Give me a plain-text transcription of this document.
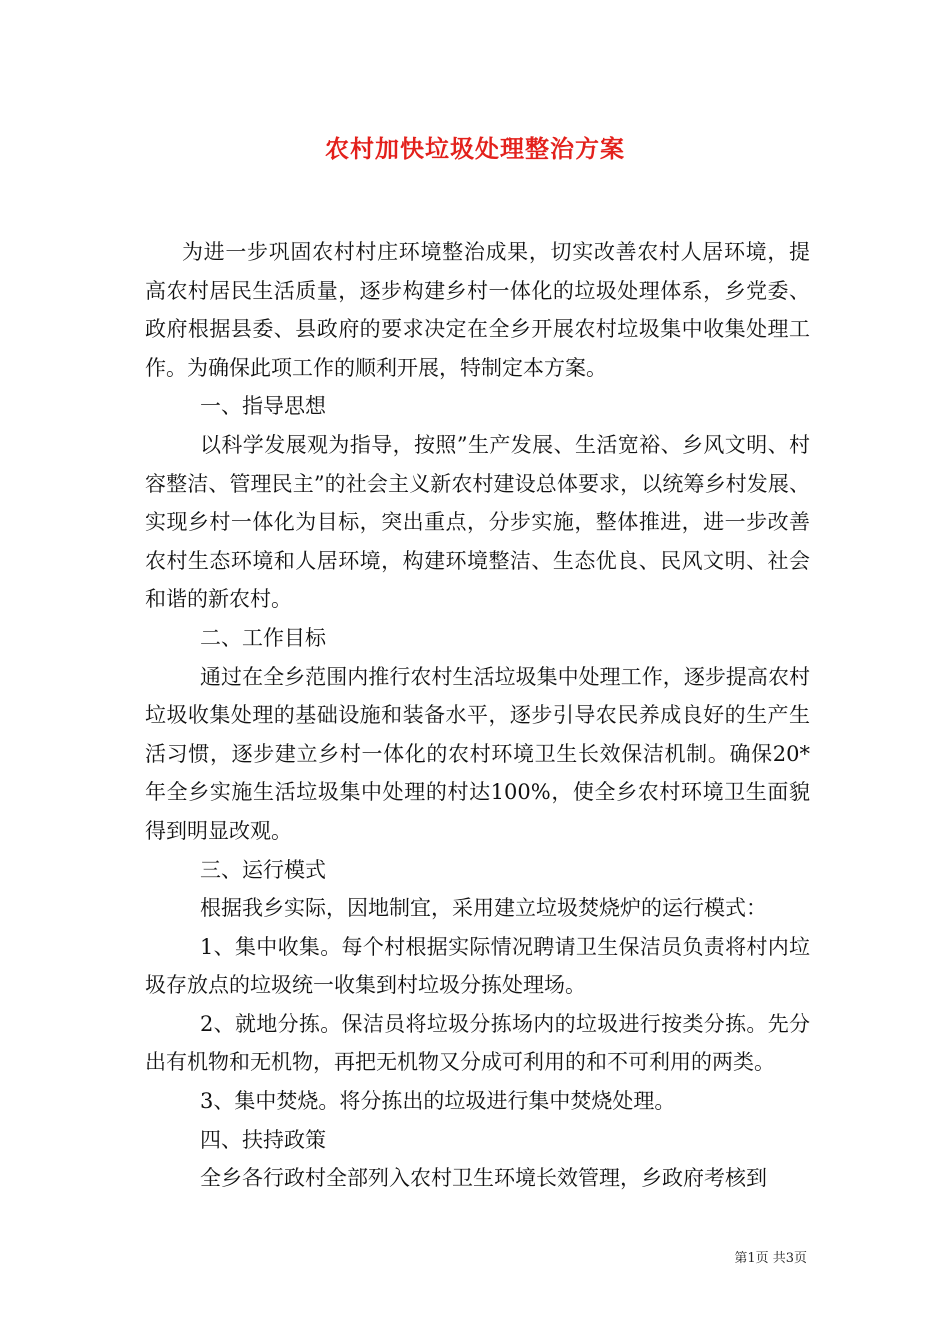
农村加快垃圾处理整治方案

为进一步巩固农村村庄环境整治成果，切实改善农村人居环境，提高农村居民生活质量，逐步构建乡村一体化的垃圾处理体系，乡党委、政府根据县委、县政府的要求决定在全乡开展农村垃圾集中收集处理工作。为确保此项工作的顺利开展，特制定本方案。

一、指导思想

以科学发展观为指导，按照”生产发展、生活宽裕、乡风文明、村容整洁、管理民主”的社会主义新农村建设总体要求，以统筹乡村发展、实现乡村一体化为目标，突出重点，分步实施，整体推进，进一步改善农村生态环境和人居环境，构建环境整洁、生态优良、民风文明、社会和谐的新农村。

二、工作目标

通过在全乡范围内推行农村生活垃圾集中处理工作，逐步提高农村垃圾收集处理的基础设施和装备水平，逐步引导农民养成良好的生产生活习惯，逐步建立乡村一体化的农村环境卫生长效保洁机制。确保20*年全乡实施生活垃圾集中处理的村达100%，使全乡农村环境卫生面貌得到明显改观。

三、运行模式

根据我乡实际，因地制宜，采用建立垃圾焚烧炉的运行模式：

1、集中收集。每个村根据实际情况聘请卫生保洁员负责将村内垃圾存放点的垃圾统一收集到村垃圾分拣处理场。

2、就地分拣。保洁员将垃圾分拣场内的垃圾进行按类分拣。先分出有机物和无机物，再把无机物又分成可利用的和不可利用的两类。

3、集中焚烧。将分拣出的垃圾进行集中焚烧处理。

四、扶持政策

全乡各行政村全部列入农村卫生环境长效管理，乡政府考核到

第1页 共3页
